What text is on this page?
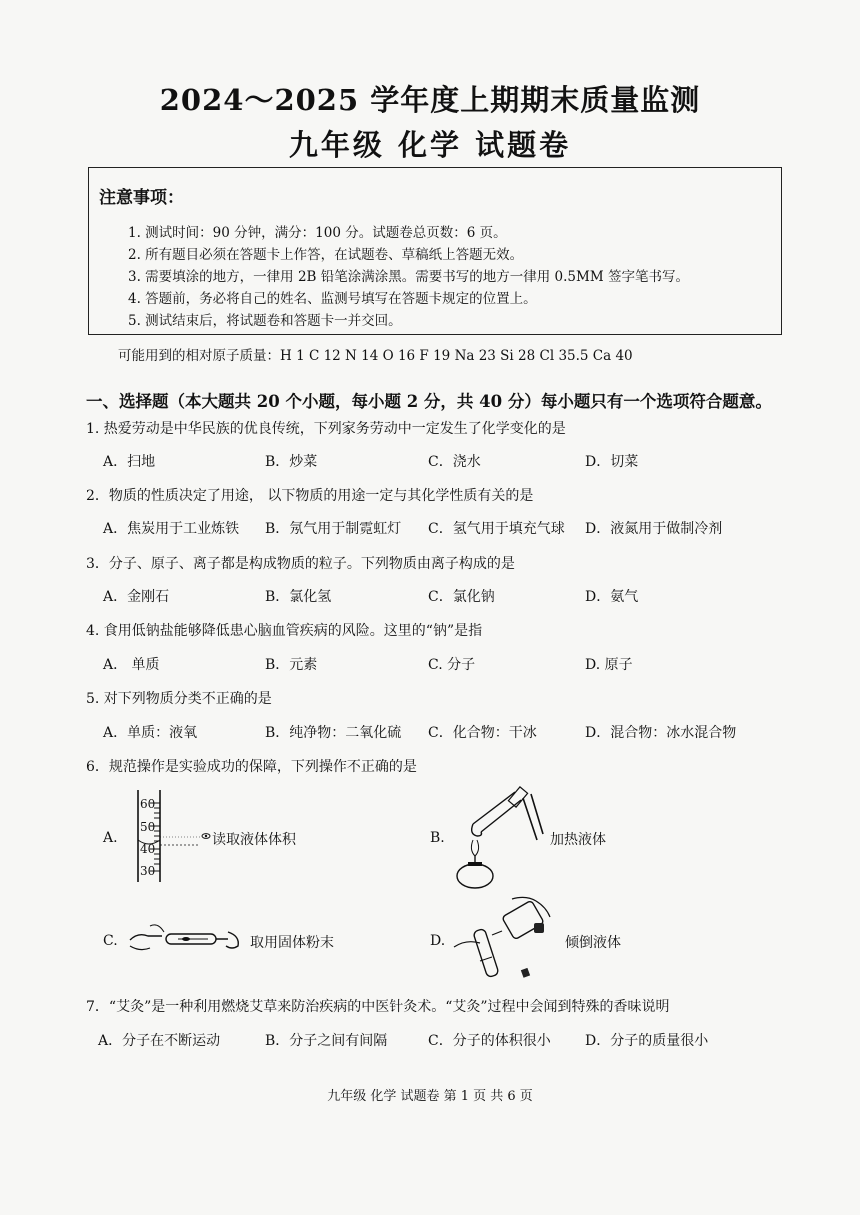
2024～2025 学年度上期期末质量监测
九年级 化学 试题卷
注意事项：
1. 测试时间：90 分钟，满分：100 分。试题卷总页数：6 页。
2. 所有题目必须在答题卡上作答，在试题卷、草稿纸上答题无效。
3. 需要填涂的地方，一律用 2B 铅笔涂满涂黑。需要书写的地方一律用 0.5MM 签字笔书写。
4. 答题前，务必将自己的姓名、监测号填写在答题卡规定的位置上。
5. 测试结束后，将试题卷和答题卡一并交回。
可能用到的相对原子质量：H 1 C 12 N 14 O 16 F 19 Na 23 Si 28 Cl 35.5 Ca 40
一、选择题（本大题共 20 个小题，每小题 2 分，共 40 分）每小题只有一个选项符合题意。
1. 热爱劳动是中华民族的优良传统，下列家务劳动中一定发生了化学变化的是
A．扫地	B．炒菜	C．浇水	D．切菜
2．物质的性质决定了用途， 以下物质的用途一定与其化学性质有关的是
A．焦炭用于工业炼铁 B．氖气用于制霓虹灯 C．氢气用于填充气球 D．液氮用于做制冷剂
3．分子、原子、离子都是构成物质的粒子。下列物质由离子构成的是
A．金刚石	B．氯化氢	C．氯化钠	D．氨气
4. 食用低钠盐能够降低患心脑血管疾病的风险。这里的“钠”是指
A． 单质	B．元素	C. 分子	D. 原子
5. 对下列物质分类不正确的是
A．单质：液氧	B．纯净物：二氧化硫 C．化合物：干冰	D．混合物：冰水混合物
6．规范操作是实验成功的保障，下列操作不正确的是
A.
60
50
40
30
读取液体体积	B.	加热液体
C.	取用固体粉末	D.	倾倒液体
7．“艾灸”是一种利用燃烧艾草来防治疾病的中医针灸术。“艾灸”过程中会闻到特殊的香味说明
A．分子在不断运动	B．分子之间有间隔	C．分子的体积很小 D．分子的质量很小
九年级 化学 试题卷 第 1 页 共 6 页
